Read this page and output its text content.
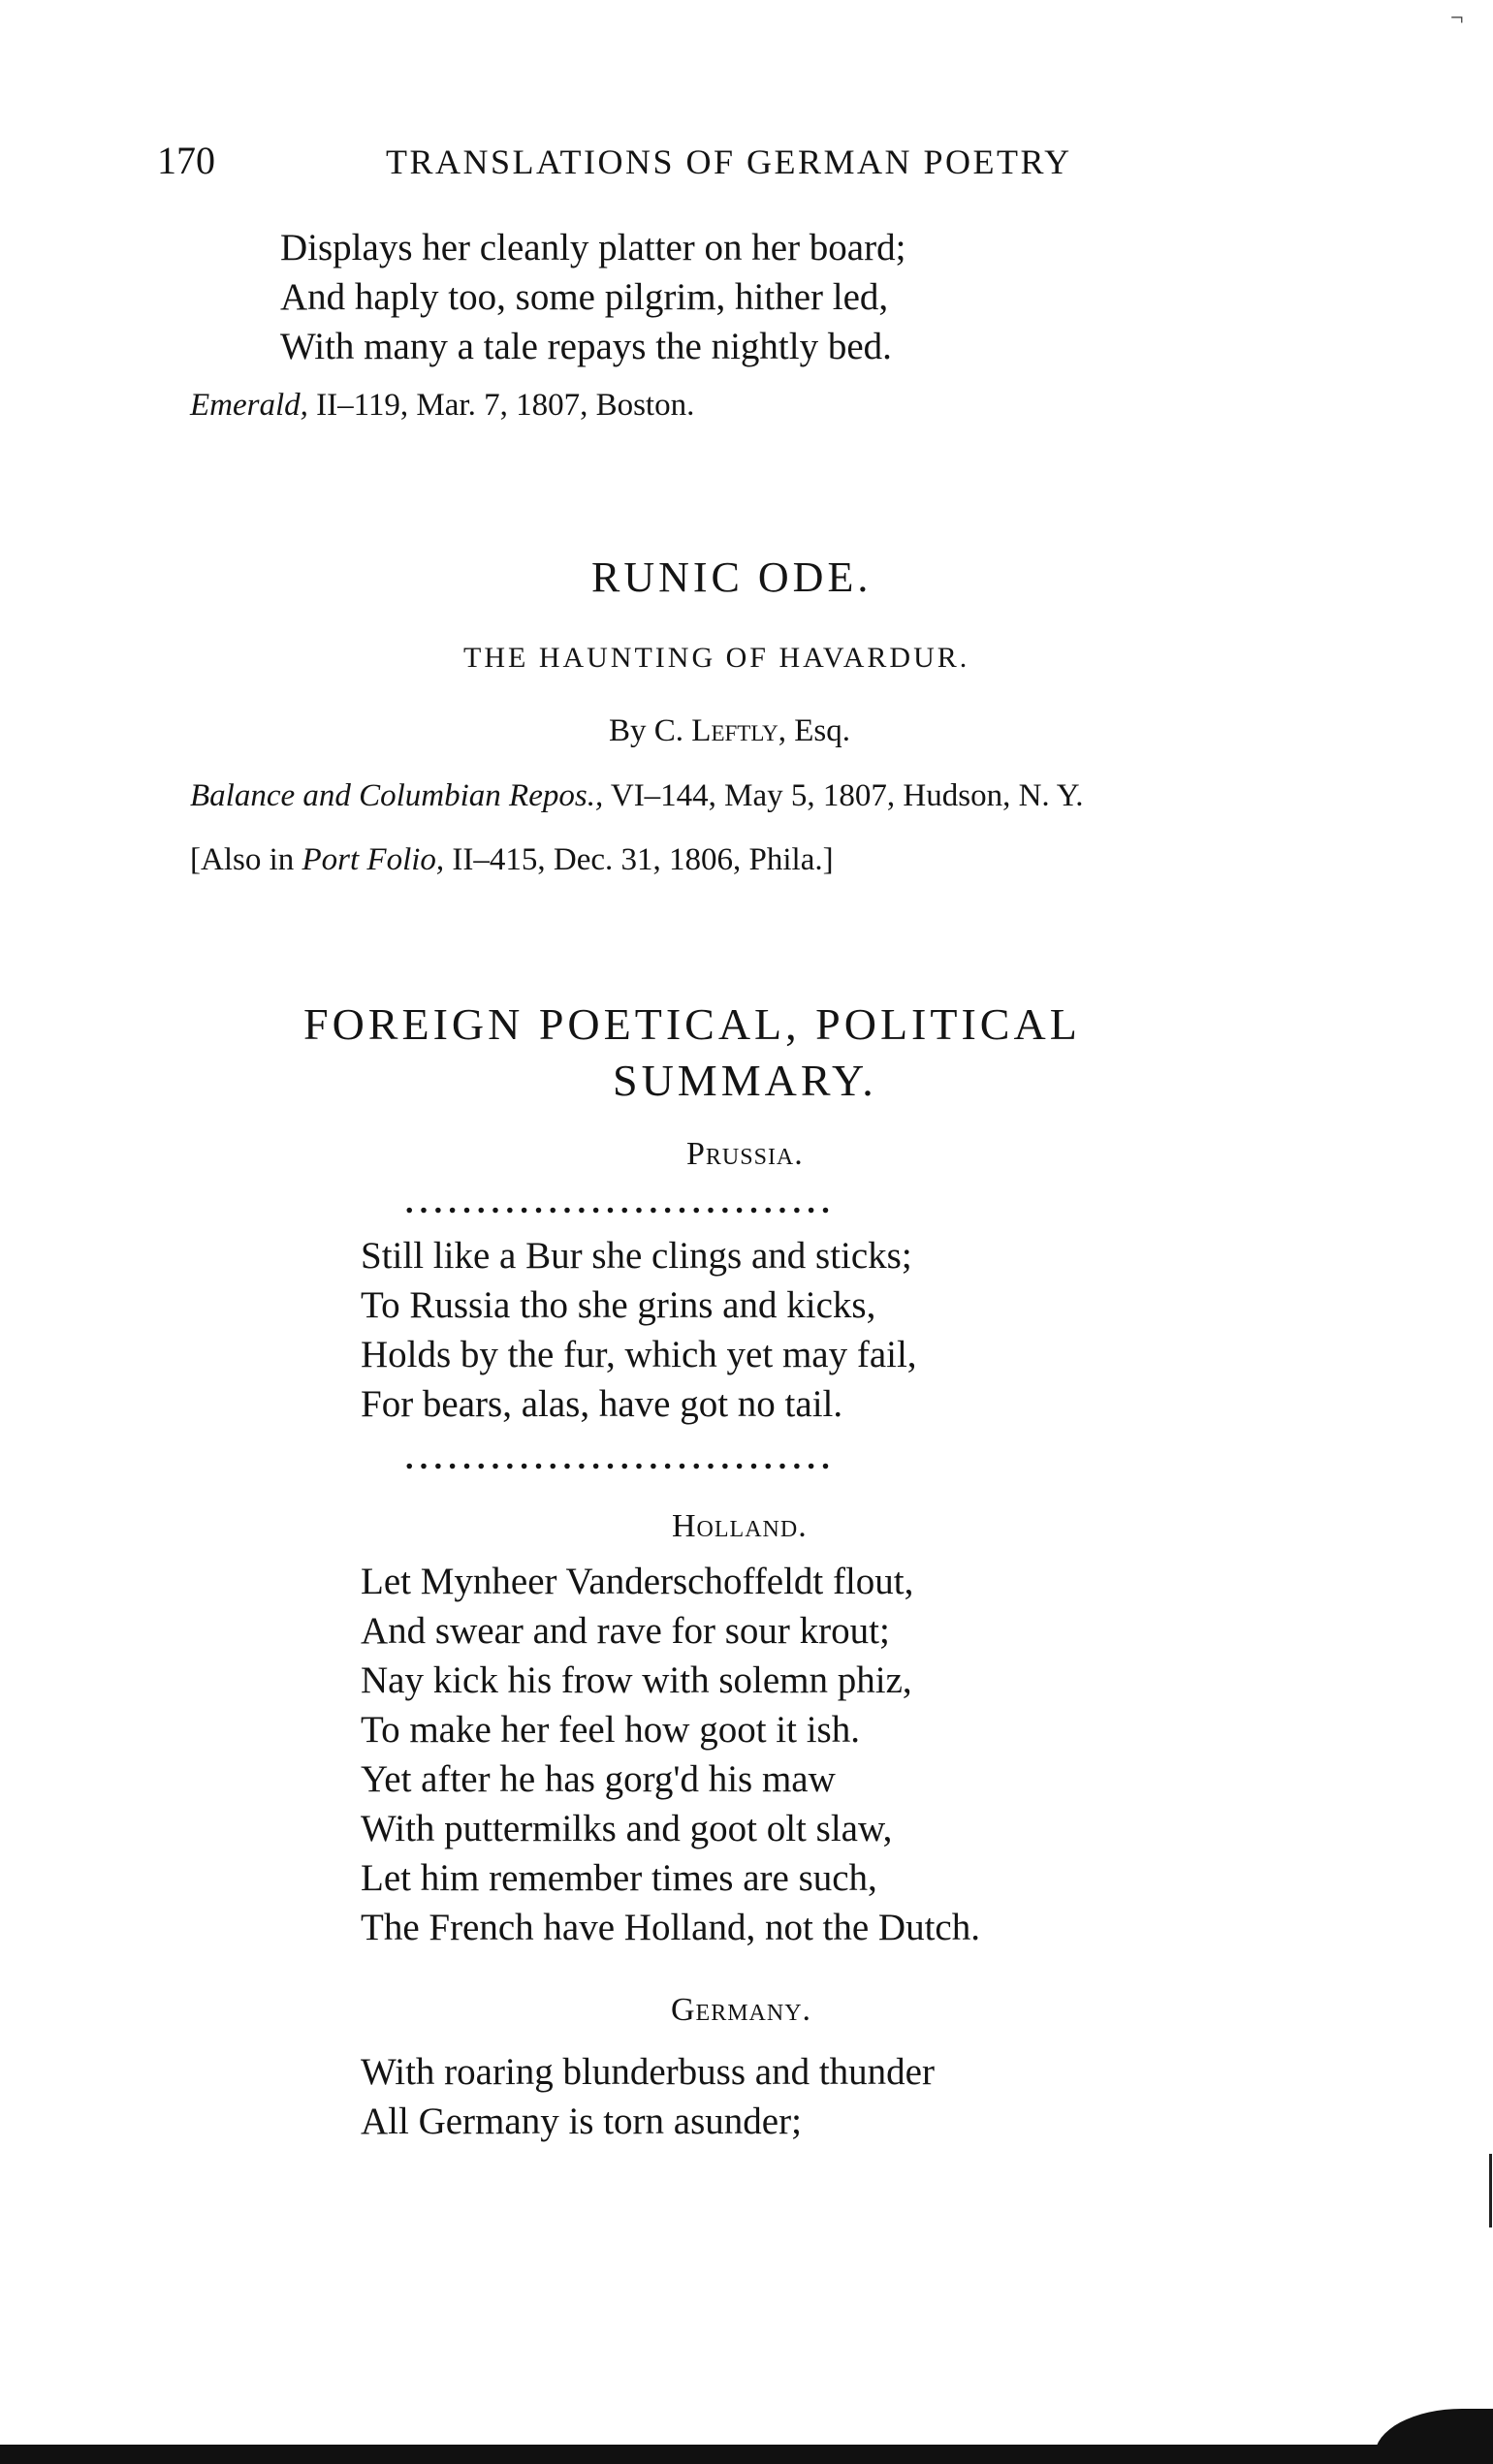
¬
170	TRANSLATIONS OF GERMAN POETRY
Displays her cleanly platter on her board;
And haply too, some pilgrim, hither led,
With many a tale repays the nightly bed.
Emerald, II–119, Mar. 7, 1807, Boston.
RUNIC ODE.
THE HAUNTING OF HAVARDUR.
By C. Leftly, Esq.
Balance and Columbian Repos., VI–144, May 5, 1807, Hudson, N. Y.
[Also in Port Folio, II–415, Dec. 31, 1806, Phila.]
FOREIGN POETICAL, POLITICAL
SUMMARY.
Prussia.
..............................
Still like a Bur she clings and sticks;
To Russia tho she grins and kicks,
Holds by the fur, which yet may fail,
For bears, alas, have got no tail.
..............................
Holland.
Let Mynheer Vanderschoffeldt flout,
And swear and rave for sour krout;
Nay kick his frow with solemn phiz,
To make her feel how goot it ish.
Yet after he has gorg'd his maw
With puttermilks and goot olt slaw,
Let him remember times are such,
The French have Holland, not the Dutch.
Germany.
With roaring blunderbuss and thunder
All Germany is torn asunder;
